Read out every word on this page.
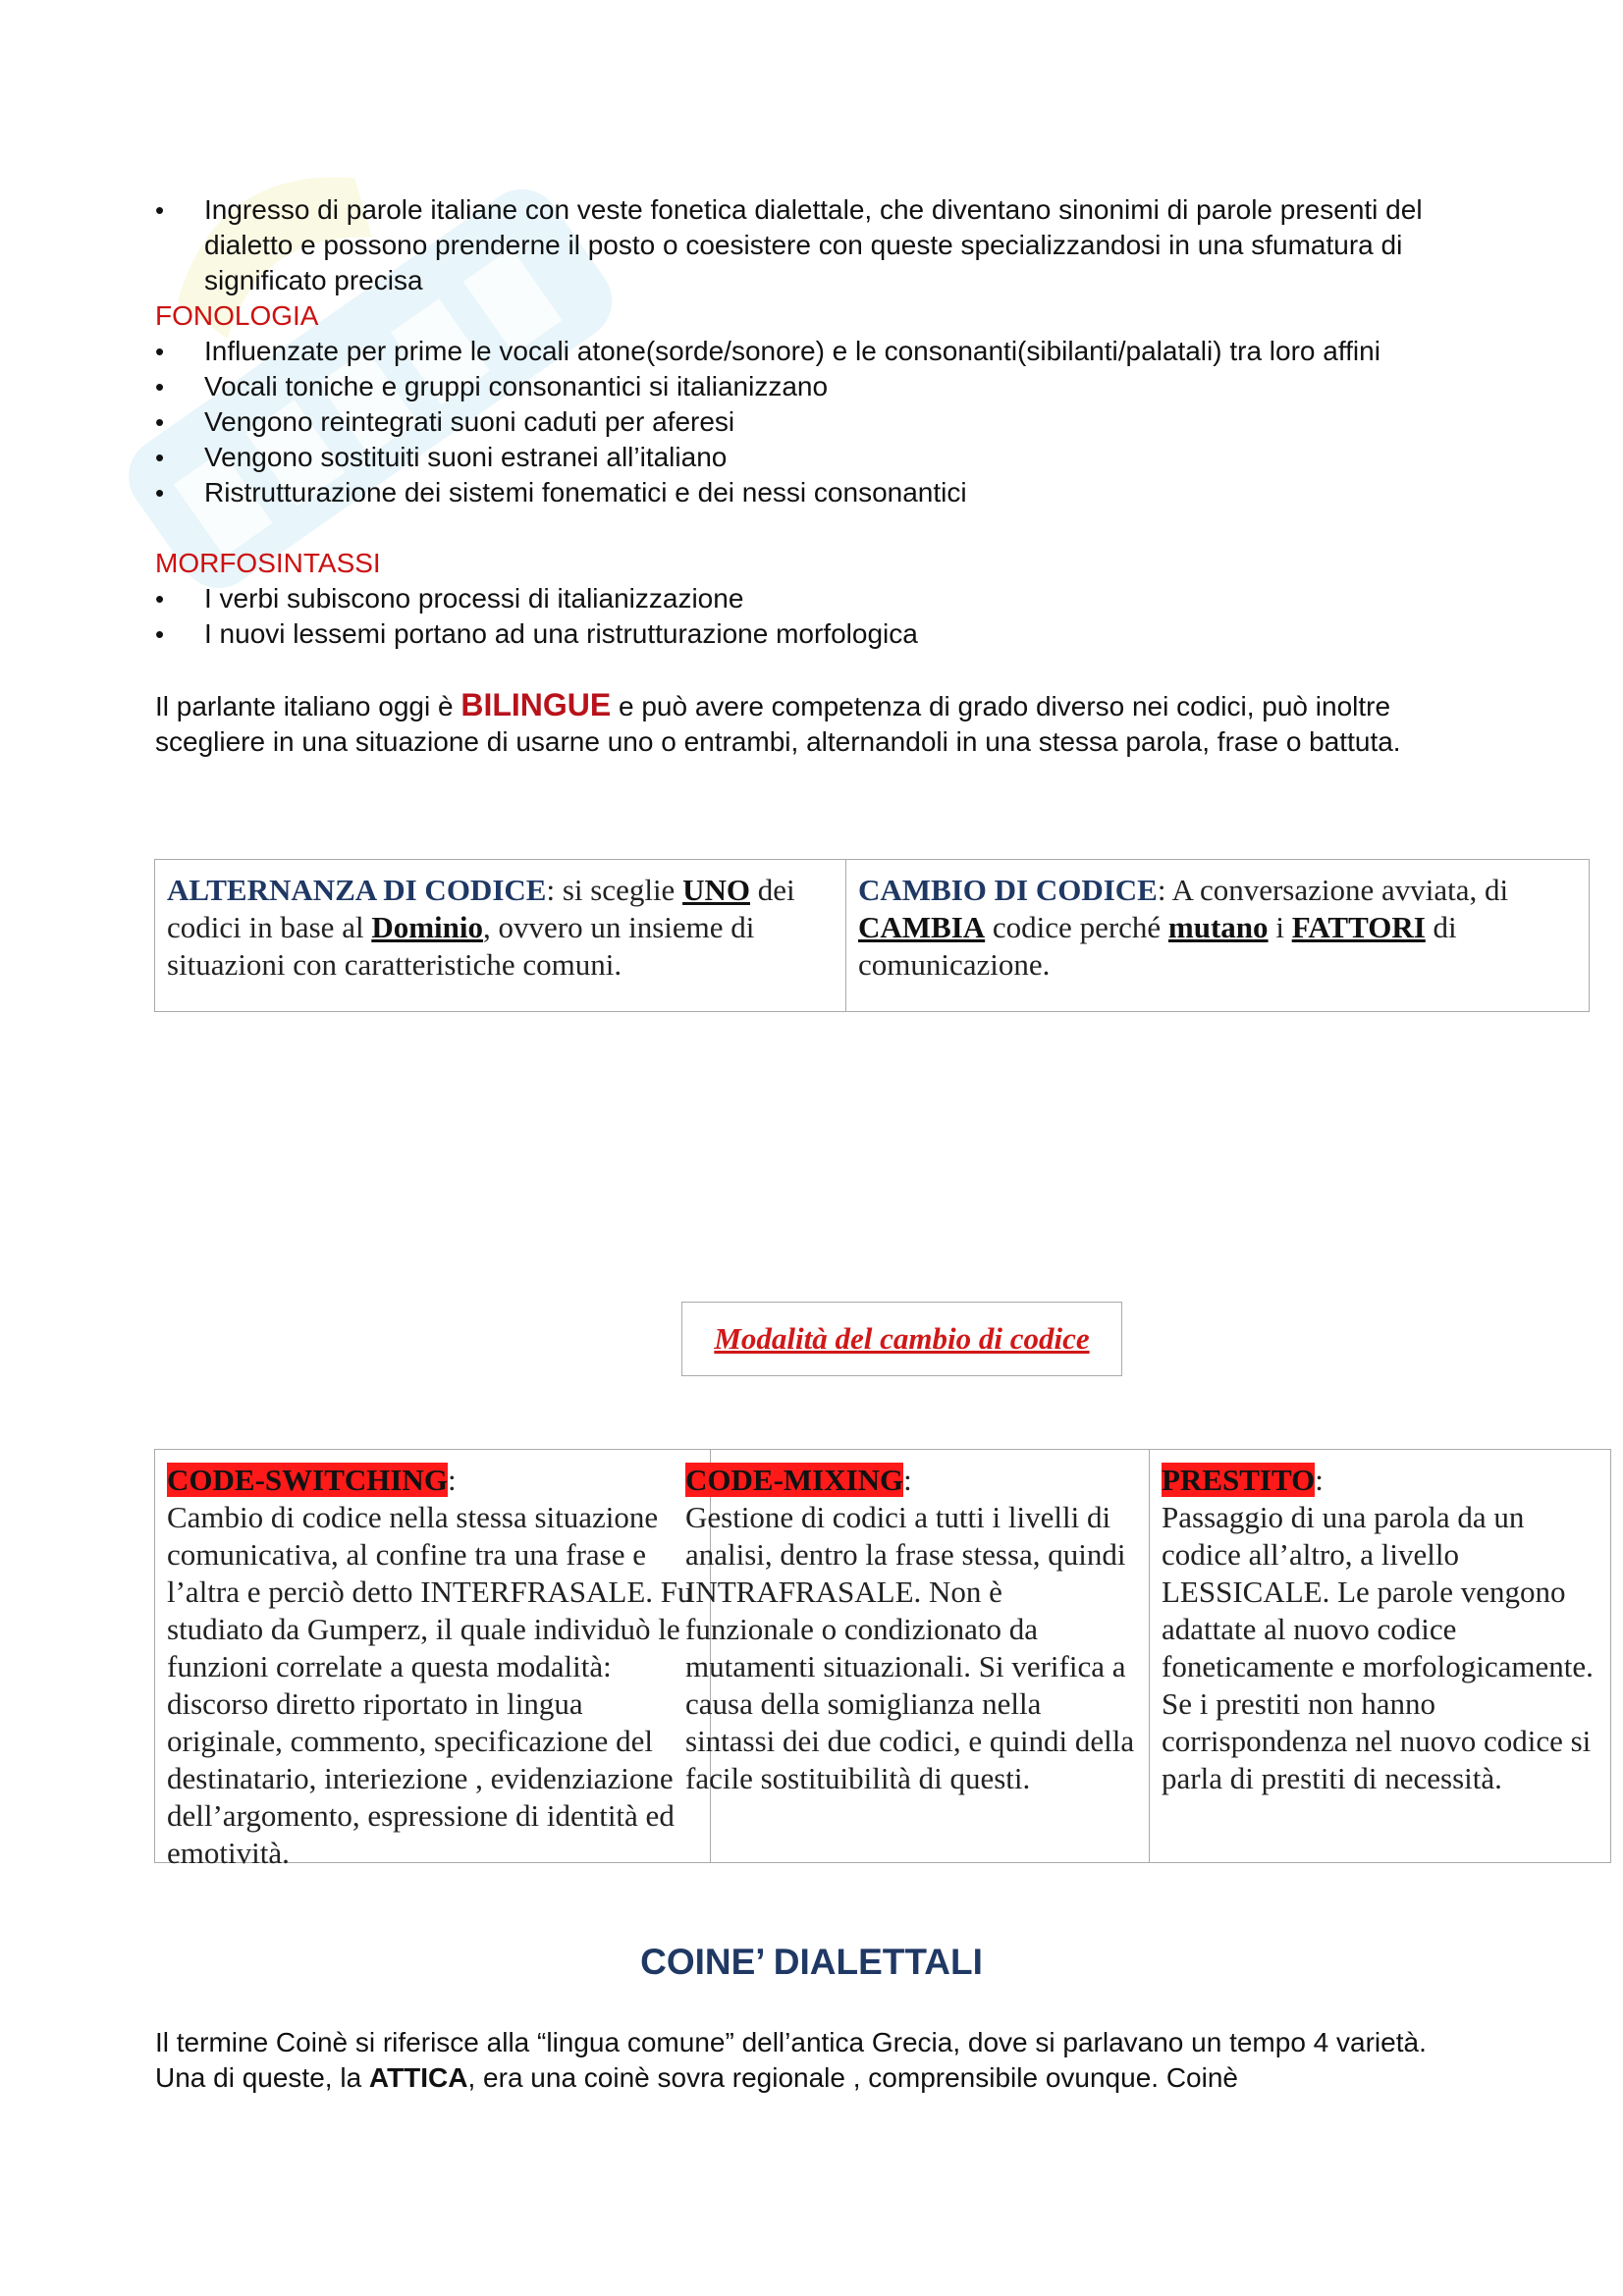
• Ingresso di parole italiane con veste fonetica dialettale, che diventano sinonimi di parole presenti del dialetto e possono prenderne il posto o coesistere con queste specializzandosi in una sfumatura di significato precisa
FONOLOGIA
• Influenzate per prime le vocali atone(sorde/sonore) e le consonanti(sibilanti/palatali) tra loro affini
• Vocali toniche e gruppi consonantici si italianizzano
• Vengono reintegrati suoni caduti per aferesi
• Vengono sostituiti suoni estranei all’italiano
• Ristrutturazione dei sistemi fonematici e dei nessi consonantici
MORFOSINTASSI
• I verbi subiscono processi di italianizzazione
• I nuovi lessemi portano ad una ristrutturazione morfologica
Il parlante italiano oggi è BILINGUE e può avere competenza di grado diverso nei codici, può inoltre scegliere in una situazione di usarne uno o entrambi, alternandoli in una stessa parola, frase o battuta.
ALTERNANZA DI CODICE: si sceglie UNO dei codici in base al Dominio, ovvero un insieme di situazioni con caratteristiche comuni.
CAMBIO DI CODICE: A conversazione avviata, di CAMBIA codice perché mutano i FATTORI di comunicazione.
Modalità del cambio di codice
CODE-SWITCHING:
Cambio di codice nella stessa situazione comunicativa, al confine tra una frase e l’altra e perciò detto INTERFRASALE. Fu studiato da Gumperz, il quale individuò le funzioni correlate a questa modalità: discorso diretto riportato in lingua originale, commento, specificazione del destinatario, interiezione , evidenziazione dell’argomento, espressione di identità ed emotività.
CODE-MIXING:
Gestione di codici a tutti i livelli di analisi, dentro la frase stessa, quindi INTRAFRASALE. Non è funzionale o condizionato da mutamenti situazionali. Si verifica a causa della somiglianza nella sintassi dei due codici, e quindi della facile sostituibilità di questi.
PRESTITO:
Passaggio di una parola da un codice all’altro, a livello LESSICALE. Le parole vengono adattate al nuovo codice foneticamente e morfologicamente. Se i prestiti non hanno corrispondenza nel nuovo codice si parla di prestiti di necessità.
COINE’ DIALETTALI
Il termine Coinè si riferisce alla “lingua comune” dell’antica Grecia, dove si parlavano un tempo 4 varietà. Una di queste, la ATTICA, era una coinè sovra regionale , comprensibile ovunque. Coinè
